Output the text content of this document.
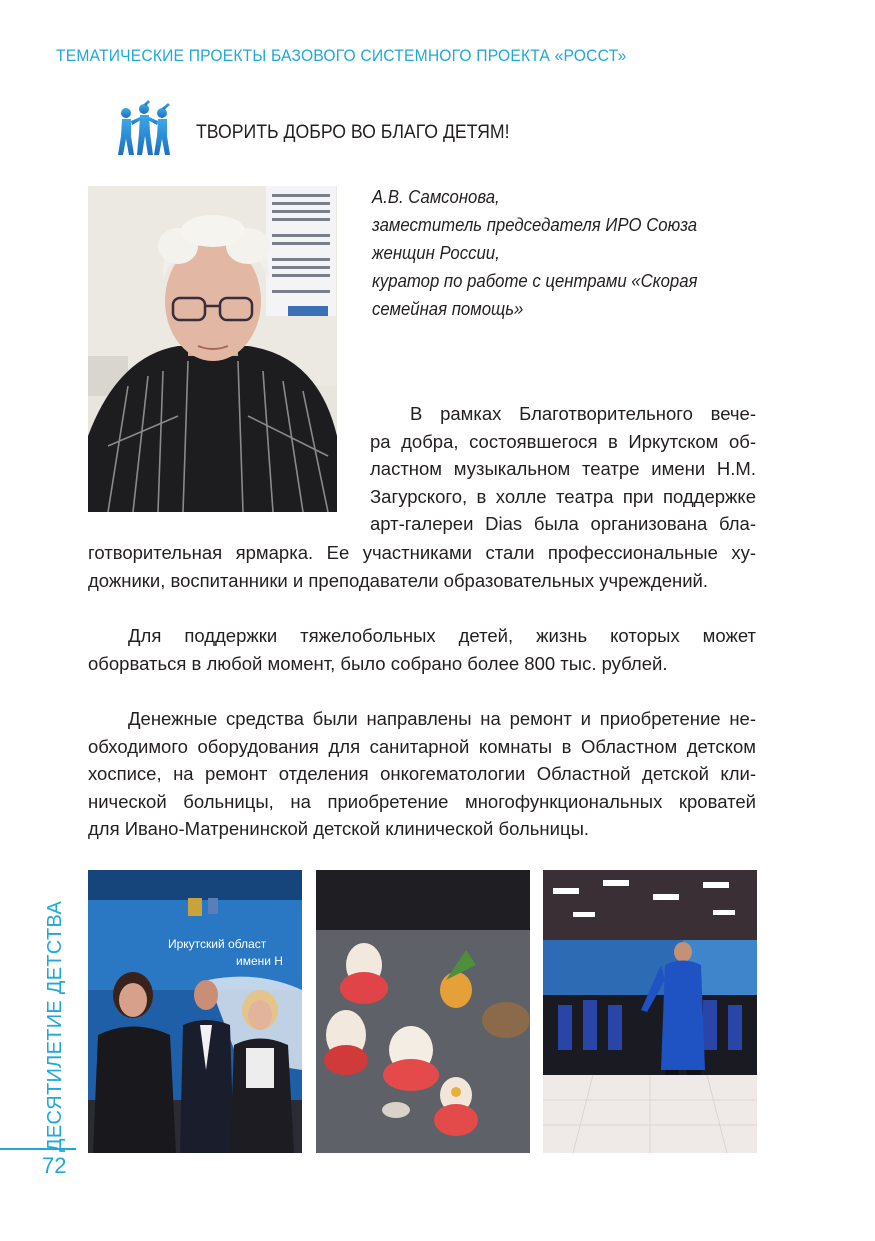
ТЕМАТИЧЕСКИЕ ПРОЕКТЫ БАЗОВОГО СИСТЕМНОГО ПРОЕКТА «РОССТ»
ТВОРИТЬ ДОБРО ВО БЛАГО ДЕТЯМ!
А.В. Самсонова,
заместитель председателя ИРО Союза
женщин России,
куратор по работе с центрами «Скорая
семейная помощь»
В рамках Благотворительного вече-
ра добра, состоявшегося в Иркутском об-
ластном музыкальном театре имени Н.М.
Загурского, в холле театра при поддержке
арт-галереи Dias была организована бла-
готворительная ярмарка. Ее участниками стали профессиональные ху-
дожники, воспитанники и преподаватели образовательных учреждений.
Для поддержки тяжелобольных детей, жизнь которых может
оборваться в любой момент, было собрано более 800 тыс. рублей.
Денежные средства были направлены на ремонт и приобретение не-
обходимого оборудования для санитарной комнаты в Областном детском
хосписе, на ремонт отделения онкогематологии Областной детской кли-
нической больницы, на приобретение многофункциональных кроватей
для Ивано-Матренинской детской клинической больницы.
Иркутский област
имени Н
ДЕСЯТИЛЕТИЕ ДЕТСТВА
72
